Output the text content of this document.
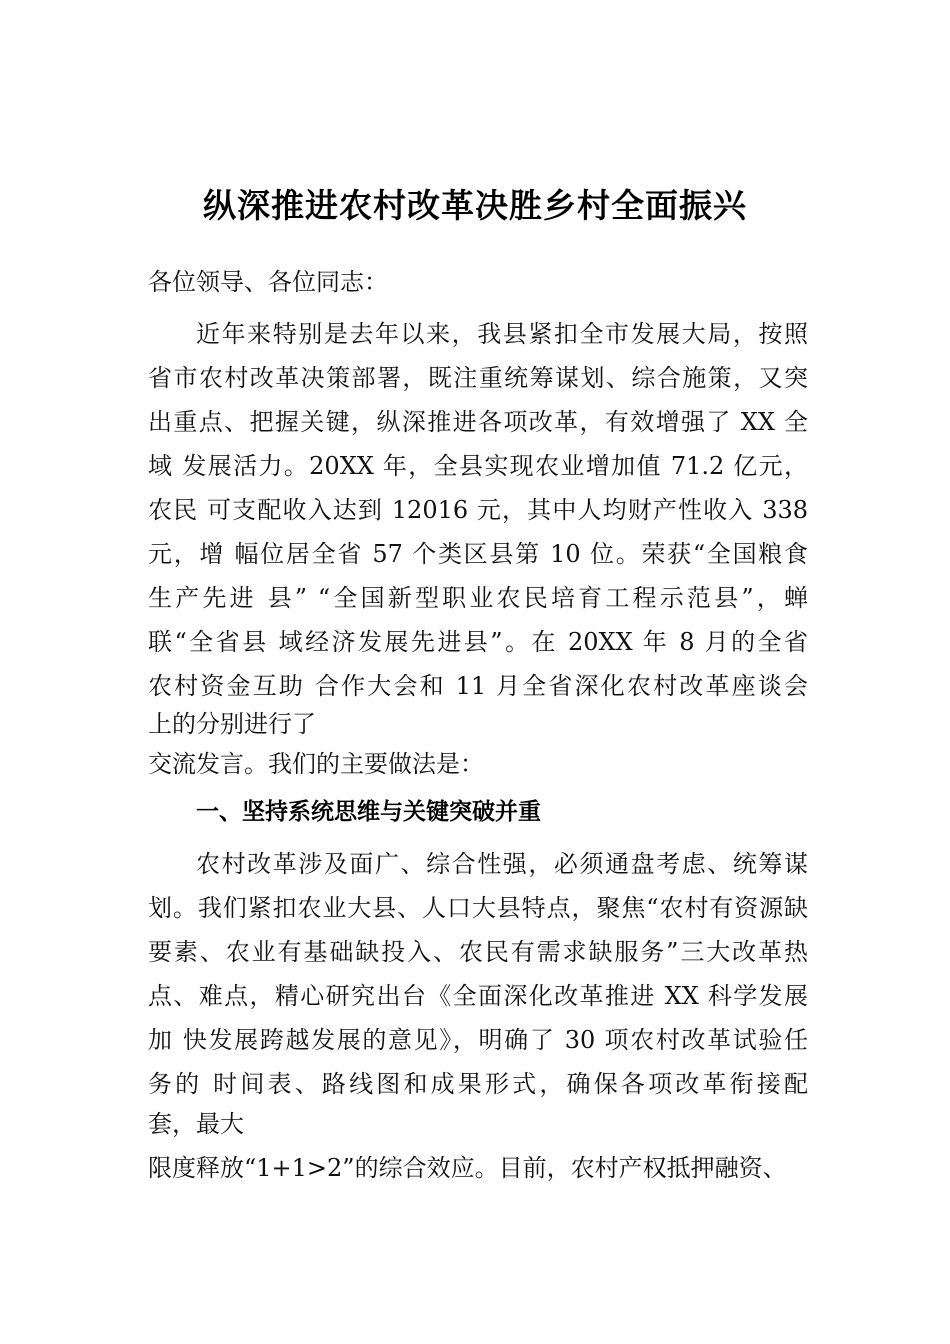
纵深推进农村改革决胜乡村全面振兴
各位领导、各位同志：
近年来特别是去年以来，我县紧扣全市发展大局，按照
省市农村改革决策部署，既注重统筹谋划、综合施策，又突
出重点、把握关键，纵深推进各项改革，有效增强了 XX 全
域 发展活力。20XX 年，全县实现农业增加值 71.2 亿元，
农民 可支配收入达到 12016 元，其中人均财产性收入 338
元，增 幅位居全省 57 个类区县第 10 位。荣获“全国粮食
生产先进 县” “全国新型职业农民培育工程示范县”，蝉
联“全省县 域经济发展先进县”。在 20XX 年 8 月的全省
农村资金互助 合作大会和 11 月全省深化农村改革座谈会
上的分别进行了
交流发言。我们的主要做法是：
一、坚持系统思维与关键突破并重
农村改革涉及面广、综合性强，必须通盘考虑、统筹谋
划。我们紧扣农业大县、人口大县特点，聚焦“农村有资源缺
要素、农业有基础缺投入、农民有需求缺服务”三大改革热
点、难点，精心研究出台《全面深化改革推进 XX 科学发展
加 快发展跨越发展的意见》，明确了 30 项农村改革试验任
务的 时间表、路线图和成果形式，确保各项改革衔接配
套，最大
限度释放“1+1>2”的综合效应。目前，农村产权抵押融资、
